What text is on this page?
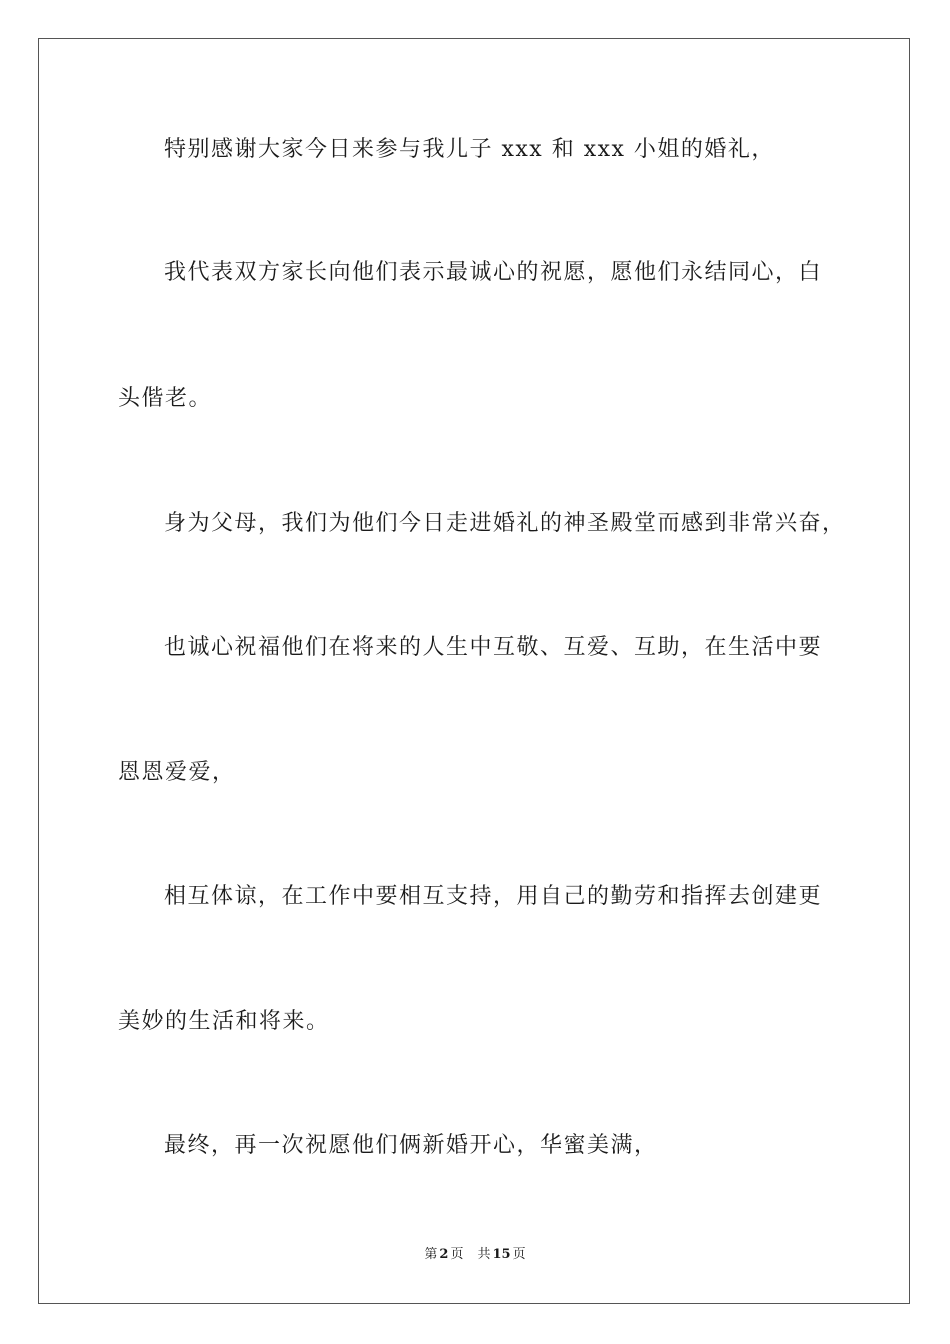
特别感谢大家今日来参与我儿子 xxx 和 xxx 小姐的婚礼，
我代表双方家长向他们表示最诚心的祝愿，愿他们永结同心，白
头偕老。
身为父母，我们为他们今日走进婚礼的神圣殿堂而感到非常兴奋，
也诚心祝福他们在将来的人生中互敬、互爱、互助，在生活中要
恩恩爱爱，
相互体谅，在工作中要相互支持，用自己的勤劳和指挥去创建更
美妙的生活和将来。
最终，再一次祝愿他们俩新婚开心，华蜜美满，
第 2 页 共 15 页
